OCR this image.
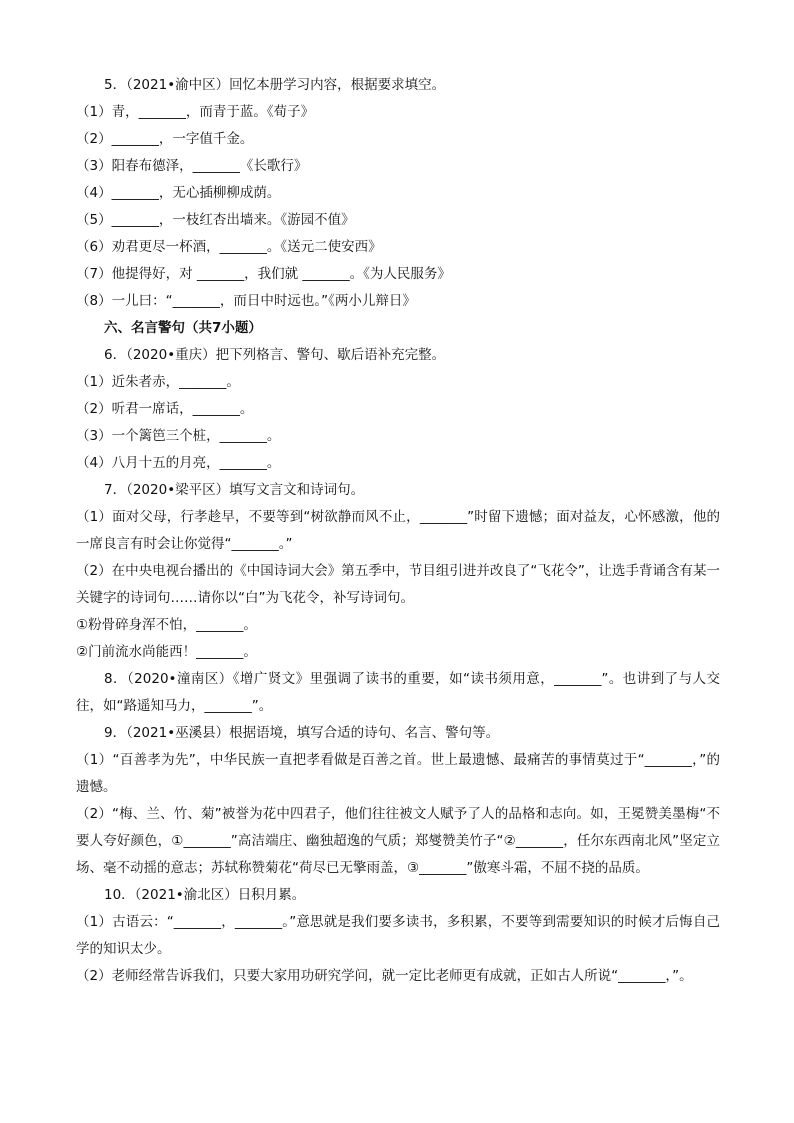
5．（2021•渝中区）回忆本册学习内容，根据要求填空。
（1）青，_______，而青于蓝。《荀子》
（2）_______，一字值千金。
（3）阳春布德泽，_______《长歌行》
（4）_______，无心插柳柳成荫。
（5）_______，一枝红杏出墙来。《游园不值》
（6）劝君更尽一杯酒，_______。《送元二使安西》
（7）他提得好，对 _______，我们就 _______。《为人民服务》
（8）一儿曰：“_______，而日中时远也。”《两小儿辩日》
六、名言警句（共7小题）
6．（2020•重庆）把下列格言、警句、歇后语补充完整。
（1）近朱者赤，_______。
（2）听君一席话，_______。
（3）一个篱笆三个桩，_______。
（4）八月十五的月亮，_______。
7．（2020•梁平区）填写文言文和诗词句。
（1）面对父母，行孝趁早，不要等到“树欲静而风不止，_______”时留下遗憾；面对益友，心怀感激，他的一席良言有时会让你觉得“_______。”
（2）在中央电视台播出的《中国诗词大会》第五季中，节目组引进并改良了“飞花令”，让选手背诵含有某一关键字的诗词句……请你以“白”为飞花令，补写诗词句。
①粉骨碎身浑不怕，_______。
②门前流水尚能西！_______。
8．（2020•潼南区）《增广贤文》里强调了读书的重要，如“读书须用意，_______”。也讲到了与人交往，如“路遥知马力，_______”。
9．（2021•巫溪县）根据语境，填写合适的诗句、名言、警句等。
（1）“百善孝为先”，中华民族一直把孝看做是百善之首。世上最遗憾、最痛苦的事情莫过于“_______，”的遗憾。
（2）“梅、兰、竹、菊”被誉为花中四君子，他们往往被文人赋予了人的品格和志向。如，王冕赞美墨梅“不要人夸好颜色，①_______”高洁端庄、幽独超逸的气质；郑燮赞美竹子“②_______，任尔东西南北风”坚定立场、毫不动摇的意志；苏轼称赞菊花“荷尽已无擎雨盖，③_______”傲寒斗霜，不屈不挠的品质。
10．（2021•渝北区）日积月累。
（1）古语云：“_______，_______。”意思就是我们要多读书，多积累，不要等到需要知识的时候才后悔自己学的知识太少。
（2）老师经常告诉我们，只要大家用功研究学问，就一定比老师更有成就，正如古人所说“_______，”。
